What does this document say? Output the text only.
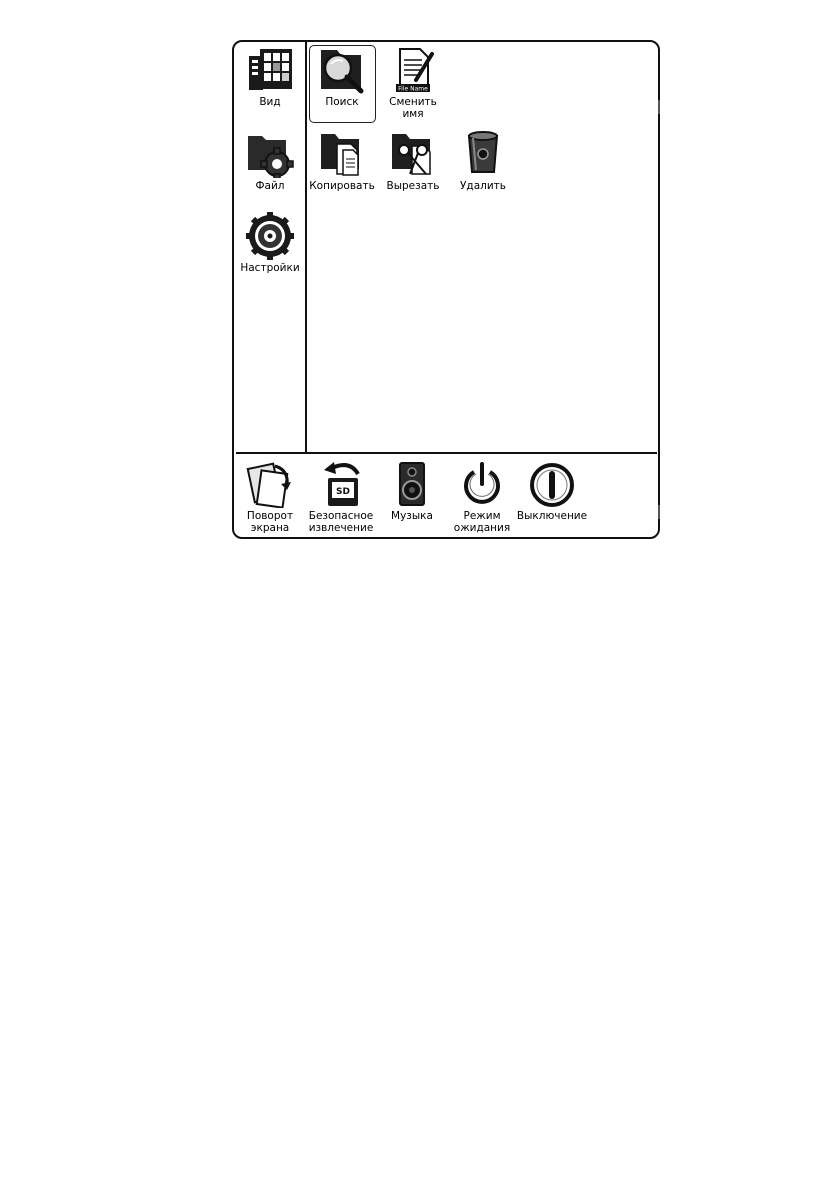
Вид
Файл
Настройки
Поиск
File Name
Сменить
имя
Копировать	Вырезать	Удалить
Поворот
экрана
SD
Безопасное
извлечение
Музыка	Режим
ожидания
Выключение
